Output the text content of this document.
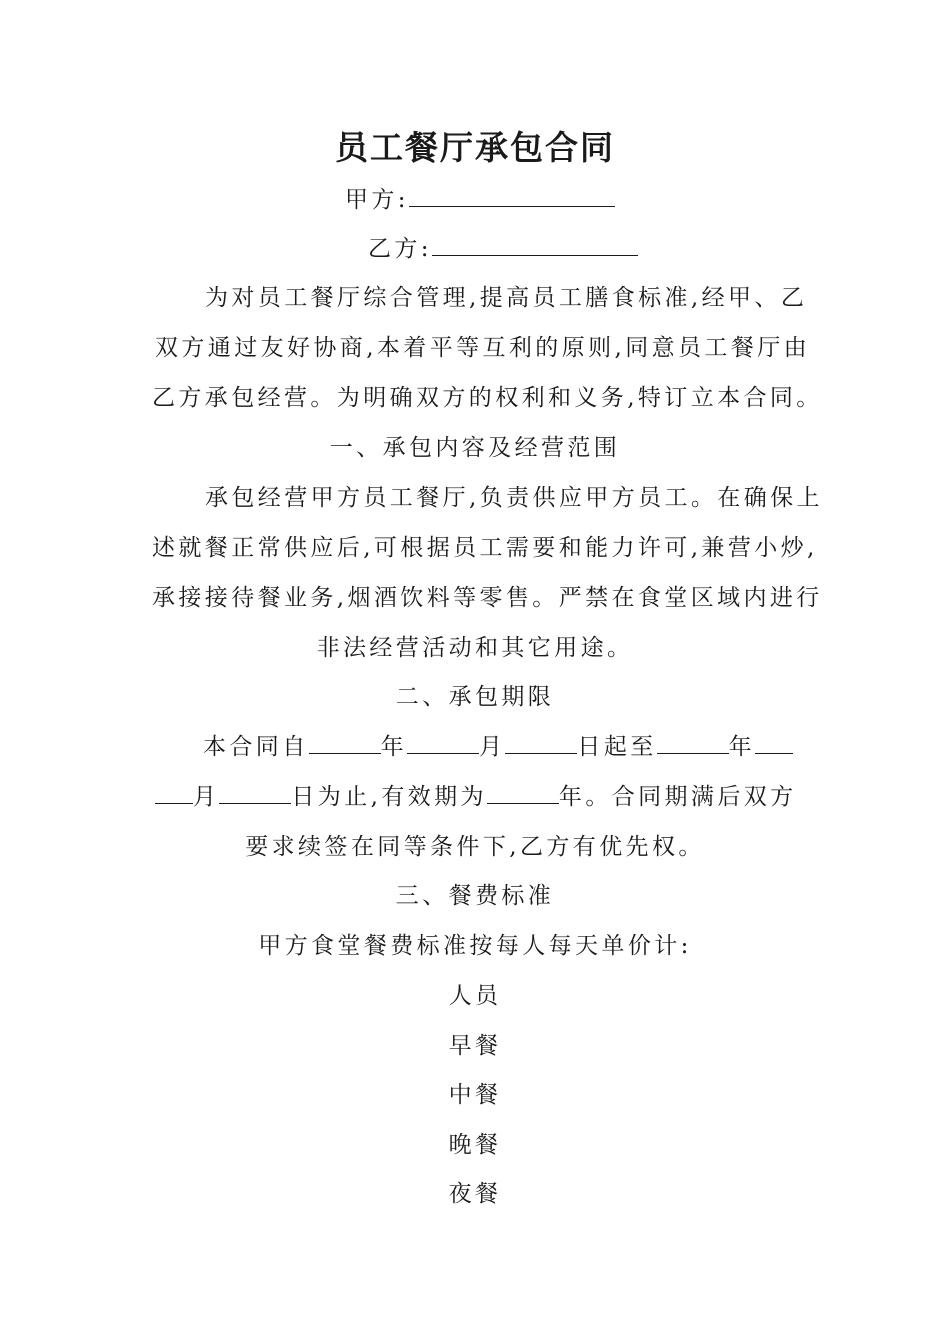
员工餐厅承包合同
甲方:
乙方:
为对员工餐厅综合管理,提高员工膳食标准,经甲、乙
双方通过友好协商,本着平等互利的原则,同意员工餐厅由
乙方承包经营。为明确双方的权利和义务,特订立本合同。
一、承包内容及经营范围
承包经营甲方员工餐厅,负责供应甲方员工。在确保上
述就餐正常供应后,可根据员工需要和能力许可,兼营小炒,
承接接待餐业务,烟酒饮料等零售。严禁在食堂区域内进行
非法经营活动和其它用途。
二、承包期限
本合同自	年	月	日起至	年
月	日为止,有效期为	年。合同期满后双方
要求续签在同等条件下,乙方有优先权。
三、餐费标准
甲方食堂餐费标准按每人每天单价计:
人员
早餐
中餐
晚餐
夜餐
